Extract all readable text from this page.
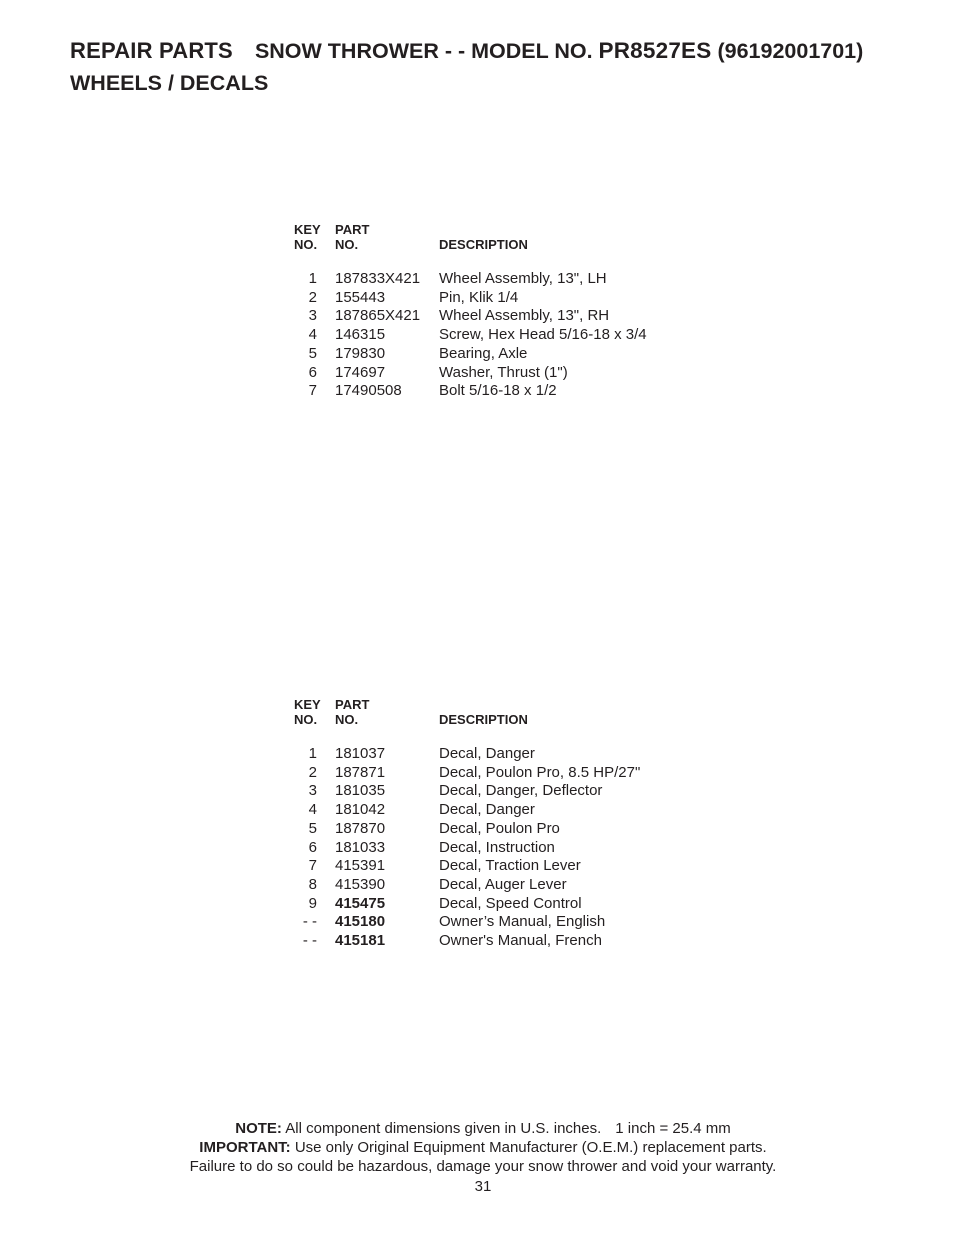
REPAIR PARTS SNOW THROWER - - MODEL NO. PR8527ES (96192001701)
WHEELS / DECALS
KEY
NO.	PART
NO.	DESCRIPTION
1	187833X421	Wheel Assembly, 13", LH
2	155443	Pin, Klik 1/4
3	187865X421	Wheel Assembly, 13", RH
4	146315	Screw, Hex Head 5/16-18 x 3/4
5	179830	Bearing, Axle
6	174697	Washer, Thrust (1")
7	17490508	Bolt 5/16-18 x 1/2
KEY
NO.	PART
NO.	DESCRIPTION
1	181037	Decal, Danger
2	187871	Decal, Poulon Pro, 8.5 HP/27"
3	181035	Decal, Danger, Deflector
4	181042	Decal, Danger
5	187870	Decal, Poulon Pro
6	181033	Decal, Instruction
7	415391	Decal, Traction Lever
8	415390	Decal, Auger Lever
9	415475	Decal, Speed Control
- -	415180	Owner’s Manual, English
- -	415181	Owner's Manual, French
NOTE: All component dimensions given in U.S. inches. 1 inch = 25.4 mm
IMPORTANT: Use only Original Equipment Manufacturer (O.E.M.) replacement parts.
Failure to do so could be hazardous, damage your snow thrower and void your warranty.
31
